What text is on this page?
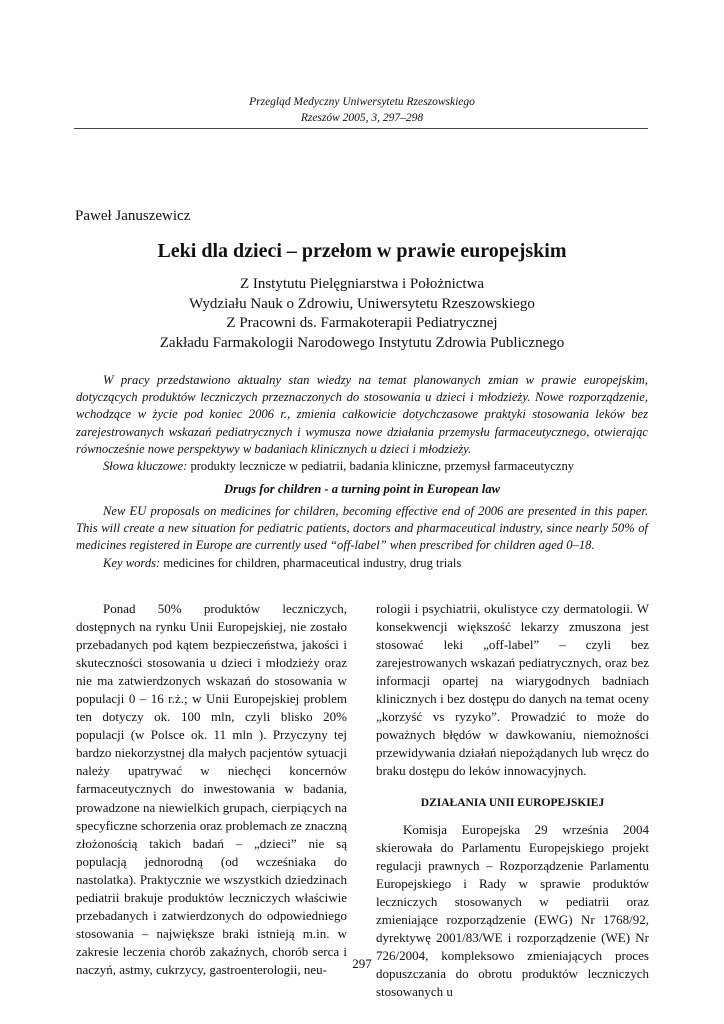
Przegląd Medyczny Uniwersytetu Rzeszowskiego
Rzeszów 2005, 3, 297–298
Paweł Januszewicz
Leki dla dzieci – przełom w prawie europejskim
Z Instytutu Pielęgniarstwa i Położnictwa
Wydziału Nauk o Zdrowiu, Uniwersytetu Rzeszowskiego
Z Pracowni ds. Farmakoterapii Pediatrycznej
Zakładu Farmakologii Narodowego Instytutu Zdrowia Publicznego

W pracy przedstawiono aktualny stan wiedzy na temat planowanych zmian w prawie europejskim, dotyczących produktów leczniczych przeznaczonych do stosowania u dzieci i młodzieży. Nowe rozporządzenie, wchodzące w życie pod koniec 2006 r., zmienia całkowicie dotychczasowe praktyki stosowania leków bez zarejestrowanych wskazań pediatrycznych i wymusza nowe działania przemysłu farmaceutycznego, otwierając równocześnie nowe perspektywy w badaniach klinicznych u dzieci i młodzieży.

Słowa kluczowe: produkty lecznicze w pediatrii, badania kliniczne, przemysł farmaceutyczny

Drugs for children - a turning point in European law

New EU proposals on medicines for children, becoming effective end of 2006 are presented in this paper. This will create a new situation for pediatric patients, doctors and pharmaceutical industry, since nearly 50% of medicines registered in Europe are currently used “off-label” when prescribed for children aged 0–18.

Key words: medicines for children, pharmaceutical industry, drug trials

Ponad 50% produktów leczniczych, dostępnych na rynku Unii Europejskiej, nie zostało przebadanych pod kątem bezpieczeństwa, jakości i skuteczności stosowania u dzieci i młodzieży oraz nie ma zatwierdzonych wskazań do stosowania w populacji 0 – 16 r.ż.; w Unii Europejskiej problem ten dotyczy ok. 100 mln, czyli blisko 20% populacji (w Polsce ok. 11 mln ). Przyczyny tej bardzo niekorzystnej dla małych pacjentów sytuacji należy upatrywać w niechęci koncernów farmaceutycznych do inwestowania w badania, prowadzone na niewielkich grupach, cierpiących na specyficzne schorzenia oraz problemach ze znaczną złożonością takich badań – „dzieci” nie są populacją jednorodną (od wcześniaka do nastolatka). Praktycznie we wszystkich dziedzinach pediatrii brakuje produktów leczniczych właściwie przebadanych i zatwierdzonych do odpowiedniego stosowania – największe braki istnieją m.in. w zakresie leczenia chorób zakaźnych, chorób serca i naczyń, astmy, cukrzycy, gastroenterologii, neu-

rologii i psychiatrii, okulistyce czy dermatologii. W konsekwencji większość lekarzy zmuszona jest stosować leki „off-label” – czyli bez zarejestrowanych wskazań pediatrycznych, oraz bez informacji opartej na wiarygodnych badniach klinicznych i bez dostępu do danych na temat oceny „korzyść vs ryzyko”. Prowadzić to może do poważnych błędów w dawkowaniu, niemożności przewidywania działań niepożądanych lub wręcz do braku dostępu do leków innowacyjnych.

DZIAŁANIA UNII EUROPEJSKIEJ

Komisja Europejska 29 września 2004 skierowała do Parlamentu Europejskiego projekt regulacji prawnych – Rozporządzenie Parlamentu Europejskiego i Rady w sprawie produktów leczniczych stosowanych w pediatrii oraz zmieniające rozporządzenie (EWG) Nr 1768/92, dyrektywę 2001/83/WE i rozporządzenie (WE) Nr 726/2004, kompleksowo zmieniających proces dopuszczania do obrotu produktów leczniczych stosowanych u

297
